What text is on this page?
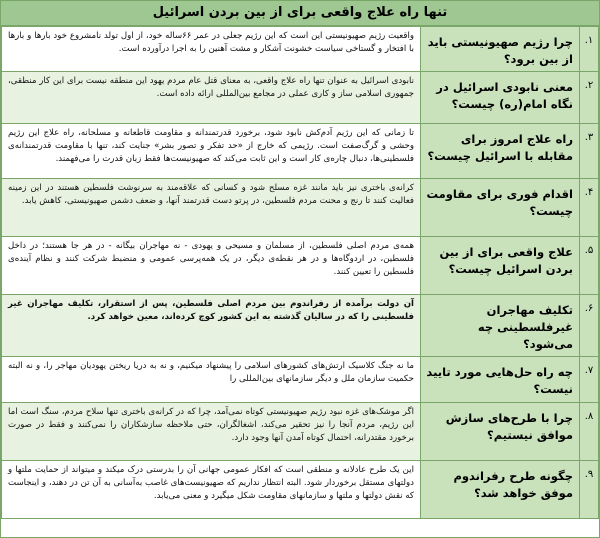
تنها راه علاج واقعی برای از بین بردن اسرائیل
۱.	چرا رژیم صهیونیستی باید از بین برود؟	واقعیت رژیم صهیونیستی این است که این رژیم جعلی در عمر ۶۶ساله خود، از اول تولد نامشروع خود بارها و بارها با افتخار و گستاخی سیاست خشونت آشکار و مشت آهنین را به اجرا درآورده است.
۲.	معنی نابودی اسرائیل در نگاه امام(ره) چیست؟	نابودی اسرائیل به عنوان تنها راه علاج واقعی، به معنای قتل عام مردم یهود این منطقه نیست برای این کار منطقی، جمهوری اسلامی ساز و کاری عملی در مجامع بین‌المللی ارائه داده است.
۳.	راه علاج امروز برای مقابله با اسرائیل چیست؟	تا زمانی که این رژیم آدم‌کش نابود شود، برخورد قدرتمندانه و مقاومت قاطعانه و مسلحانه، راه علاج این رژیم وحشی و گرگ‌صفت است. رژیمی که خارج از «حد تفکر و تصور بشر» جنایت کند، تنها با مقاومت قدرتمندانه‌ی فلسطینی‌ها، دنبال چاره‌ی کار است و این ثابت می‌کند که صهیونیست‌ها فقط زبان قدرت را می‌فهمند.
۴.	اقدام فوری برای مقاومت چیست؟	کرانه‌ی باختری نیز باید مانند غزه مسلح شود و کسانی که علاقه‌مند به سرنوشت فلسطین هستند در این زمینه فعالیت کنند تا رنج و محنت مردم فلسطین، در پرتو دست قدرتمند آنها، و ضعف دشمن صهیونیستی، کاهش یابد.
۵.	علاج واقعی برای از بین بردن اسرائیل چیست؟	همه‌ی مردم اصلی فلسطین، از مسلمان و مسیحی و یهودی - نه مهاجران بیگانه - در هر جا هستند؛ در داخل فلسطین، در اردوگاه‌ها و در هر نقطه‌ی دیگر، در یک همه‌پرسی عمومی و منضبط شرکت کنند و نظام آینده‌ی فلسطین را تعیین کنند.
۶.	تکلیف مهاجران غیرفلسطینی چه می‌شود؟	آن دولت برآمده از رفراندوم بین مردم اصلی فلسطین، پس از استقرار، تکلیف مهاجران غیر فلسطینی را که در سالیان گذشته به این کشور کوچ کرده‌اند، معین خواهد کرد.
۷.	چه راه حل‌هایی مورد تایید نیست؟	ما نه جنگ کلاسیک ارتش‌های کشورهای اسلامی را پیشنهاد میکنیم، و نه به دریا ریختن یهودیان مهاجر را، و نه البته حکمیت سازمان ملل و دیگر سازمانهای بین‌المللی را
۸.	چرا با طرح‌های سازش موافق نیستیم؟	اگر موشک‌های غزه نبود رژیم صهیونیستی کوتاه نمی‌آمد، چرا که در کرانه‌ی باختری تنها سلاح مردم، سنگ است اما این رژیم، مردم آنجا را نیز تحقیر می‌کند، اشغالگران، حتی ملاحظه سازشکاران را نمی‌کنند و فقط در صورت برخورد مقتدرانه، احتمال کوتاه آمدن آنها وجود دارد.
۹.	چگونه طرح رفراندوم موفق خواهد شد؟	این یک طرح عادلانه و منطقی است که افکار عمومی جهانی آن را بدرستی درک میکند و میتواند از حمایت ملتها و دولتهای مستقل برخوردار شود. البته انتظار نداریم که صهیونیست‌های غاصب به‌آسانی به آن تن در دهند، و اینجاست که نقش دولتها و ملتها و سازمانهای مقاومت شکل میگیرد و معنی می‌یابد.
